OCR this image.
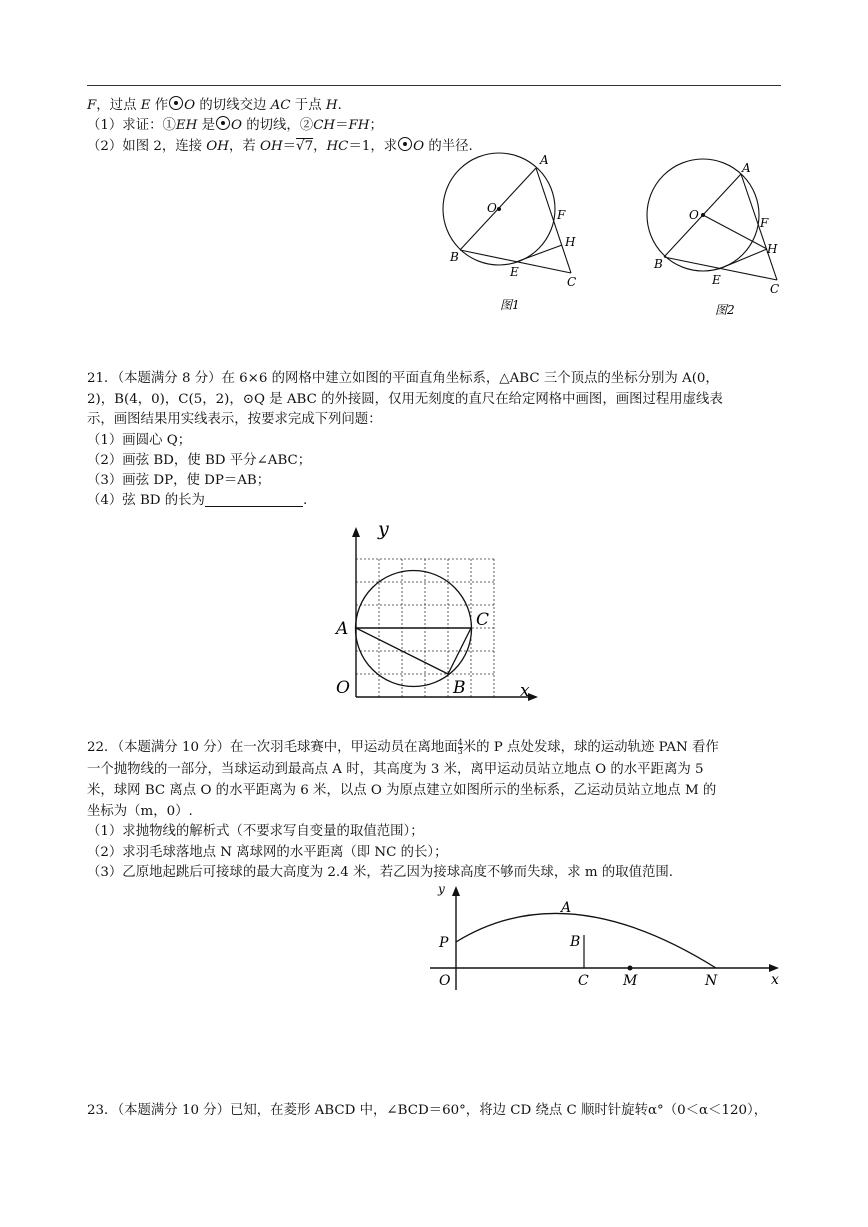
F，过点 E 作 O 的切线交边 AC 于点 H.
（1）求证：①EH 是 O 的切线，②CH＝FH；
（2）如图 2，连接 OH，若 OH＝√7，HC＝1，求 O 的半径.
A
O	F
H
B
E
C
图1
A
O
F
H
B
E
C
图2
21．（本题满分 8 分）在 6×6 的网格中建立如图的平面直角坐标系，△ABC 三个顶点的坐标分别为 A(0，
2)，B(4，0)，C(5，2)，⊙Q 是 ABC 的外接圆，仅用无刻度的直尺在给定网格中画图，画图过程用虚线表
示，画图结果用实线表示，按要求完成下列问题：
（1）画圆心 Q；
（2）画弦 BD，使 BD 平分∠ABC；
（3）画弦 DP，使 DP＝AB；
（4）弦 BD 的长为	.
y
A	C
O	B	x
22．（本题满分 10 分）在一次羽毛球赛中，甲运动员在离地面 $\frac{4}{3}$ 米的 P 点处发球，球的运动轨迹 PAN 看作
一个抛物线的一部分，当球运动到最高点 A 时，其高度为 3 米，离甲运动员站立地点 O 的水平距离为 5
米，球网 BC 离点 O 的水平距离为 6 米，以点 O 为原点建立如图所示的坐标系，乙运动员站立地点 M 的
坐标为（m，0）.
（1）求抛物线的解析式（不要求写自变量的取值范围）；
（2）求羽毛球落地点 N 离球网的水平距离（即 NC 的长）；
（3）乙原地起跳后可接球的最大高度为 2.4 米，若乙因为接球高度不够而失球，求 m 的取值范围.
y
A
P	B
O	C M	N	x
23．（本题满分 10 分）已知，在菱形 ABCD 中，∠BCD＝60°，将边 CD 绕点 C 顺时针旋转α°（0＜α＜120），
